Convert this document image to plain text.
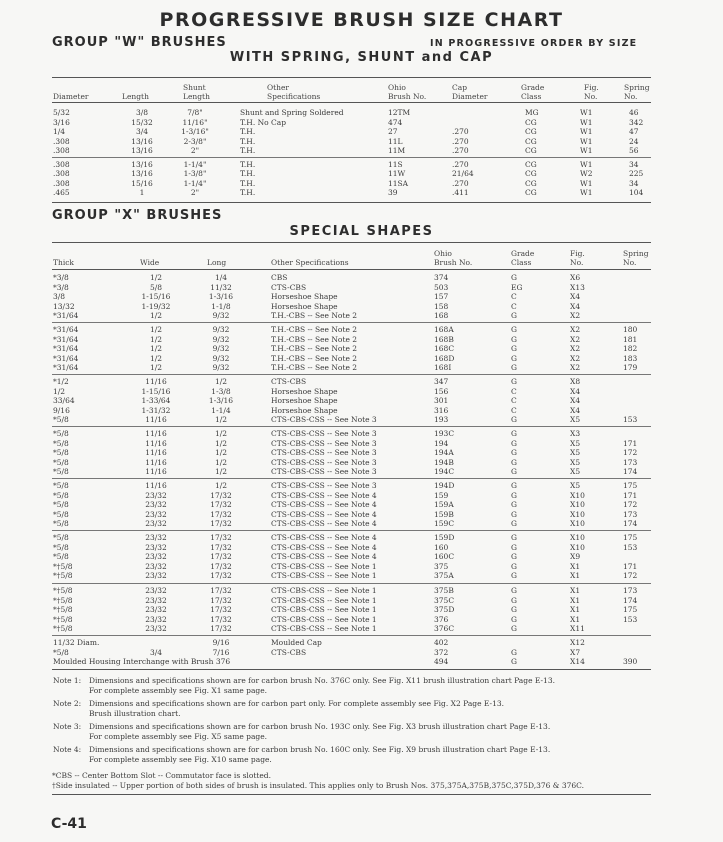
PROGRESSIVE BRUSH SIZE CHART
GROUP "W" BRUSHES	IN PROGRESSIVE ORDER BY SIZE
WITH SPRING, SHUNT and CAP
Diameter	Length
Shunt
Length
Other
Specifications
Ohio
Brush No.
Cap
Diameter
Grade
Class
Fig.
No.
Spring
No.
5/32	3/8	7/8"	Shunt and Spring Soldered	12TM	MG	W1	46
3/16	15/32	11/16"	T.H. No Cap	474	CG	W1	342
1/4	3/4	1-3/16"	T.H.	27	.270	CG	W1	47
.308	13/16	2-3/8"	T.H.	11L	.270	CG	W1	24
.308	13/16	2"	T.H.	11M	.270	CG	W1	56
.308	13/16	1-1/4"	T.H.	11S	.270	CG	W1	34
.308	13/16	1-3/8"	T.H.	11W	21/64	CG	W2	225
.308	15/16	1-1/4"	T.H.	11SA	.270	CG	W1	34
.465	1	2"	T.H.	39	.411	CG	W1	104
GROUP "X" BRUSHES
SPECIAL SHAPES
Thick	Wide	Long	Other Specifications
Ohio
Brush No.
Grade
Class
Fig.
No.
Spring
No.
*3/8	1/2	1/4	CBS	374	G	X6
*3/8	5/8	11/32	CTS-CBS	503	EG	X13
3/8	1-15/16	1-3/16	Horseshoe Shape	157	C	X4
13/32	1-19/32	1-1/8	Horseshoe Shape	158	C	X4
*31/64	1/2	9/32	T.H.-CBS -- See Note 2	168	G	X2
*31/64	1/2	9/32	T.H.-CBS -- See Note 2	168A	G	X2	180
*31/64	1/2	9/32	T.H.-CBS -- See Note 2	168B	G	X2	181
*31/64	1/2	9/32	T.H.-CBS -- See Note 2	168C	G	X2	182
*31/64	1/2	9/32	T.H.-CBS -- See Note 2	168D	G	X2	183
*31/64	1/2	9/32	T.H.-CBS -- See Note 2	168I	G	X2	179
*1/2	11/16	1/2	CTS-CBS	347	G	X8
1/2	1-15/16	1-3/8	Horseshoe Shape	156	C	X4
33/64	1-33/64	1-3/16	Horseshoe Shape	301	C	X4
9/16	1-31/32	1-1/4	Horseshoe Shape	316	C	X4
*5/8	11/16	1/2	CTS-CBS-CSS -- See Note 3	193	G	X5	153
*5/8	11/16	1/2	CTS-CBS-CSS -- See Note 3	193C	G	X3
*5/8	11/16	1/2	CTS-CBS-CSS -- See Note 3	194	G	X5	171
*5/8	11/16	1/2	CTS-CBS-CSS -- See Note 3	194A	G	X5	172
*5/8	11/16	1/2	CTS-CBS-CSS -- See Note 3	194B	G	X5	173
*5/8	11/16	1/2	CTS-CBS-CSS -- See Note 3	194C	G	X5	174
*5/8	11/16	1/2	CTS-CBS-CSS -- See Note 3	194D	G	X5	175
*5/8	23/32	17/32	CTS-CBS-CSS -- See Note 4	159	G	X10	171
*5/8	23/32	17/32	CTS-CBS-CSS -- See Note 4	159A	G	X10	172
*5/8	23/32	17/32	CTS-CBS-CSS -- See Note 4	159B	G	X10	173
*5/8	23/32	17/32	CTS-CBS-CSS -- See Note 4	159C	G	X10	174
*5/8	23/32	17/32	CTS-CBS-CSS -- See Note 4	159D	G	X10	175
*5/8	23/32	17/32	CTS-CBS-CSS -- See Note 4	160	G	X10	153
*5/8	23/32	17/32	CTS-CBS-CSS -- See Note 4	160C	G	X9
*†5/8	23/32	17/32	CTS-CBS-CSS -- See Note 1	375	G	X1	171
*†5/8	23/32	17/32	CTS-CBS-CSS -- See Note 1	375A	G	X1	172
*†5/8	23/32	17/32	CTS-CBS-CSS -- See Note 1	375B	G	X1	173
*†5/8	23/32	17/32	CTS-CBS-CSS -- See Note 1	375C	G	X1	174
*†5/8	23/32	17/32	CTS-CBS-CSS -- See Note 1	375D	G	X1	175
*†5/8	23/32	17/32	CTS-CBS-CSS -- See Note 1	376	G	X1	153
*†5/8	23/32	17/32	CTS-CBS-CSS -- See Note 1	376C	G	X11
11/32 Diam.	9/16	Moulded Cap	402	X12
*5/8	3/4	7/16	CTS-CBS	372	G	X7
Moulded Housing Interchange with Brush 376	494	G	X14	390
Note 1: Dimensions and specifications shown are for carbon brush No. 376C only. See Fig. X11 brush illustration chart Page E-13.
For complete assembly see Fig. X1 same page.
Note 2: Dimensions and specifications shown are for carbon part only. For complete assembly see Fig. X2 Page E-13.
Brush illustration chart.
Note 3: Dimensions and specifications shown are for carbon brush No. 193C only. See Fig. X3 brush illustration chart Page E-13.
For complete assembly see Fig. X5 same page.
Note 4: Dimensions and specifications shown are for carbon brush No. 160C only. See Fig. X9 brush illustration chart Page E-13.
For complete assembly see Fig. X10 same page.
*CBS -- Center Bottom Slot -- Commutator face is slotted.
†Side insulated -- Upper portion of both sides of brush is insulated. This applies only to Brush Nos. 375,375A,375B,375C,375D,376 & 376C.
C-41
